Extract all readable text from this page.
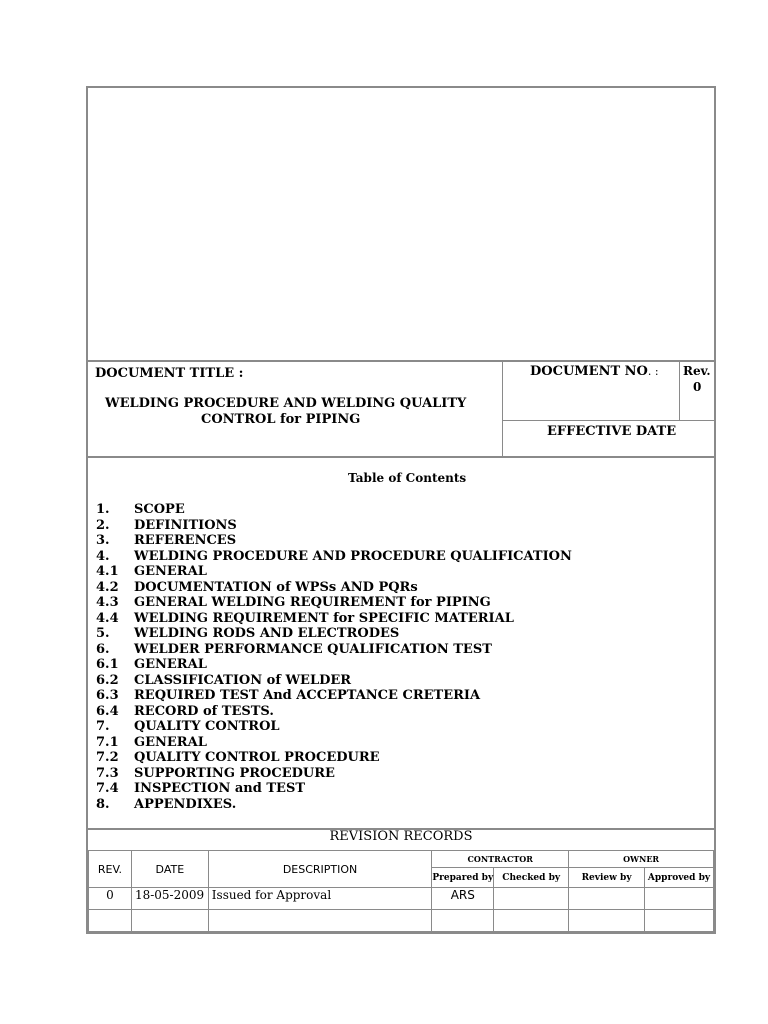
DOCUMENT TITLE :
WELDING PROCEDURE AND WELDING QUALITY
CONTROL for PIPING
DOCUMENT NO. : Rev.
0
EFFECTIVE DATE
Table of Contents
1. SCOPE
2. DEFINITIONS
3. REFERENCES
4. WELDING PROCEDURE AND PROCEDURE QUALIFICATION
4.1 GENERAL
4.2 DOCUMENTATION of WPSs AND PQRs
4.3 GENERAL WELDING REQUIREMENT for PIPING
4.4 WELDING REQUIREMENT for SPECIFIC MATERIAL
5. WELDING RODS AND ELECTRODES
6. WELDER PERFORMANCE QUALIFICATION TEST
6.1 GENERAL
6.2 CLASSIFICATION of WELDER
6.3 REQUIRED TEST And ACCEPTANCE CRETERIA
6.4 RECORD of TESTS.
7. QUALITY CONTROL
7.1 GENERAL
7.2 QUALITY CONTROL PROCEDURE
7.3 SUPPORTING PROCEDURE
7.4 INSPECTION and TEST
8. APPENDIXES.
REVISION RECORDS
REV.	DATE	DESCRIPTION	CONTRACTOR		OWNER	
			Prepared by	Checked by	Review by	Approved by
0	18-05-2009	Issued for Approval	ARS			
